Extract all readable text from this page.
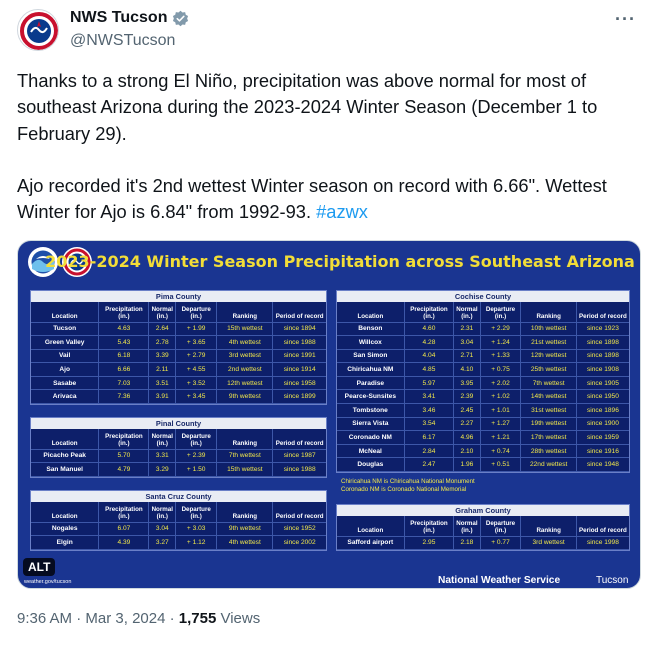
NWS Tucson
@NWSTucson
···

Thanks to a strong El Niño, precipitation was above normal for most of southeast Arizona during the 2023-2024 Winter Season (December 1 to February 29).

Ajo recorded it's 2nd wettest Winter season on record with 6.66". Wettest Winter for Ajo is 6.84" from 1992-93. #azwx

2023-2024 Winter Season Precipitation across Southeast Arizona
Pima County
Location	Precipitation (in.)	Normal (in.)	Departure (in.)	Ranking	Period of record
Tucson	4.63	2.64	+ 1.99	15th wettest	since 1894
Green Valley	5.43	2.78	+ 3.65	4th wettest	since 1988
Vail	6.18	3.39	+ 2.79	3rd wettest	since 1991
Ajo	6.66	2.11	+ 4.55	2nd wettest	since 1914
Sasabe	7.03	3.51	+ 3.52	12th wettest	since 1958
Arivaca	7.36	3.91	+ 3.45	9th wettest	since 1899
Pinal County
Location	Precipitation (in.)	Normal (in.)	Departure (in.)	Ranking	Period of record
Picacho Peak	5.70	3.31	+ 2.39	7th wettest	since 1987
San Manuel	4.79	3.29	+ 1.50	15th wettest	since 1988
Santa Cruz County
Location	Precipitation (in.)	Normal (in.)	Departure (in.)	Ranking	Period of record
Nogales	6.07	3.04	+ 3.03	9th wettest	since 1952
Elgin	4.39	3.27	+ 1.12	4th wettest	since 2002
Cochise County
Location	Precipitation (in.)	Normal (in.)	Departure (in.)	Ranking	Period of record
Benson	4.60	2.31	+ 2.29	10th wettest	since 1923
Willcox	4.28	3.04	+ 1.24	21st wettest	since 1898
San Simon	4.04	2.71	+ 1.33	12th wettest	since 1898
Chiricahua NM	4.85	4.10	+ 0.75	25th wettest	since 1908
Paradise	5.97	3.95	+ 2.02	7th wettest	since 1905
Pearce-Sunsites	3.41	2.39	+ 1.02	14th wettest	since 1950
Tombstone	3.46	2.45	+ 1.01	31st wettest	since 1896
Sierra Vista	3.54	2.27	+ 1.27	19th wettest	since 1900
Coronado NM	6.17	4.96	+ 1.21	17th wettest	since 1959
McNeal	2.84	2.10	+ 0.74	28th wettest	since 1916
Douglas	2.47	1.96	+ 0.51	22nd wettest	since 1948
Graham County
Location	Precipitation (in.)	Normal (in.)	Departure (in.)	Ranking	Period of record
Safford airport	2.95	2.18	+ 0.77	3rd wettest	since 1998
Chiricahua NM is Chiricahua National Monument
Coronado NM is Coronado National Memorial
ALT
weather.gov/tucson	National Weather Service	Tucson
9:36 AM · Mar 3, 2024 · 1,755 Views
